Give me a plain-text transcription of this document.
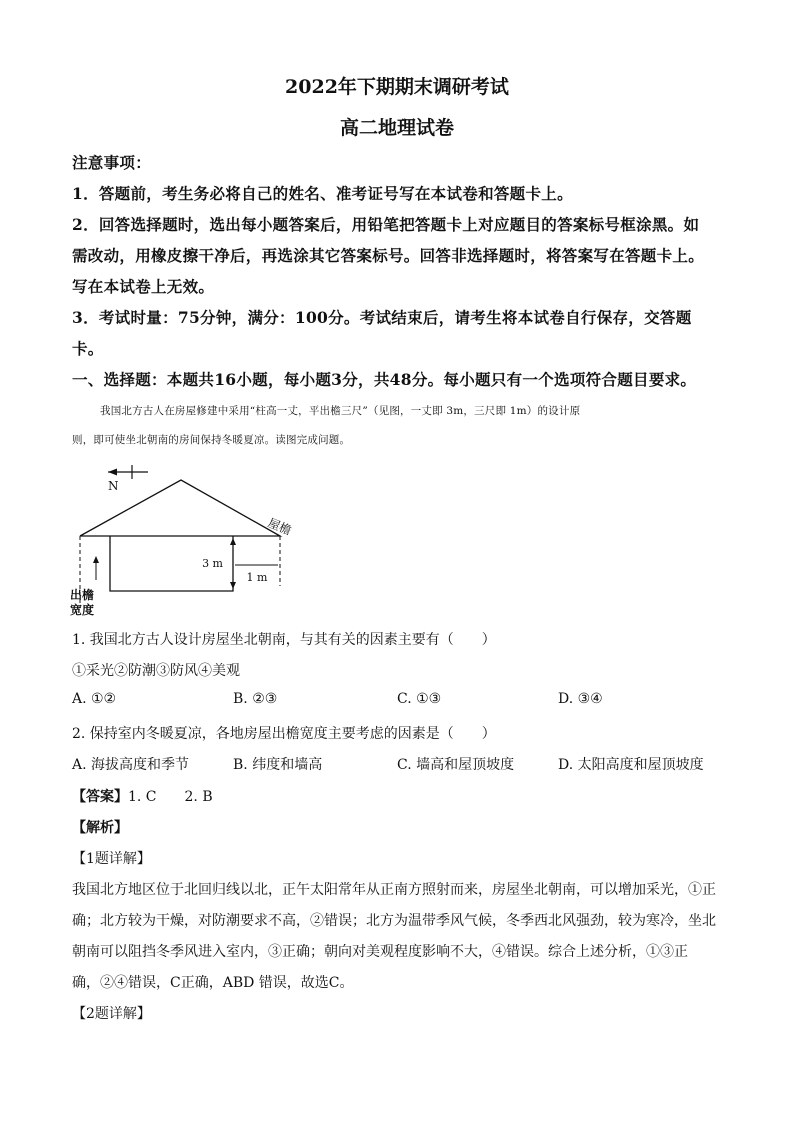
2022年下期期末调研考试
高二地理试卷
注意事项：
1．答题前，考生务必将自己的姓名、准考证号写在本试卷和答题卡上。
2．回答选择题时，选出每小题答案后，用铅笔把答题卡上对应题目的答案标号框涂黑。如
需改动，用橡皮擦干净后，再选涂其它答案标号。回答非选择题时，将答案写在答题卡上。
写在本试卷上无效。
3．考试时量：75分钟，满分：100分。考试结束后，请考生将本试卷自行保存，交答题
卡。
一、选择题：本题共16小题，每小题3分，共48分。每小题只有一个选项符合题目要求。
我国北方古人在房屋修建中采用“柱高一丈，平出檐三尺”（见图，一丈即 3m，三尺即 1m）的设计原
则，即可使坐北朝南的房间保持冬暖夏凉。读图完成问题。
N
3 m
1 m
屋檐
出檐
宽度
1. 我国北方古人设计房屋坐北朝南，与其有关的因素主要有（　　）
①采光②防潮③防风④美观
A. ①②	B. ②③	C. ①③	D. ③④
2. 保持室内冬暖夏凉，各地房屋出檐宽度主要考虑的因素是（　　）
A. 海拔高度和季节	B. 纬度和墙高	C. 墙高和屋顶坡度	D. 太阳高度和屋顶坡度
【答案】1. C　　2. B
【解析】
【1题详解】
我国北方地区位于北回归线以北，正午太阳常年从正南方照射而来，房屋坐北朝南，可以增加采光，①正
确；北方较为干燥，对防潮要求不高，②错误；北方为温带季风气候，冬季西北风强劲，较为寒冷，坐北
朝南可以阻挡冬季风进入室内，③正确；朝向对美观程度影响不大，④错误。综合上述分析，①③正
确，②④错误，C正确，ABD 错误，故选C。
【2题详解】
